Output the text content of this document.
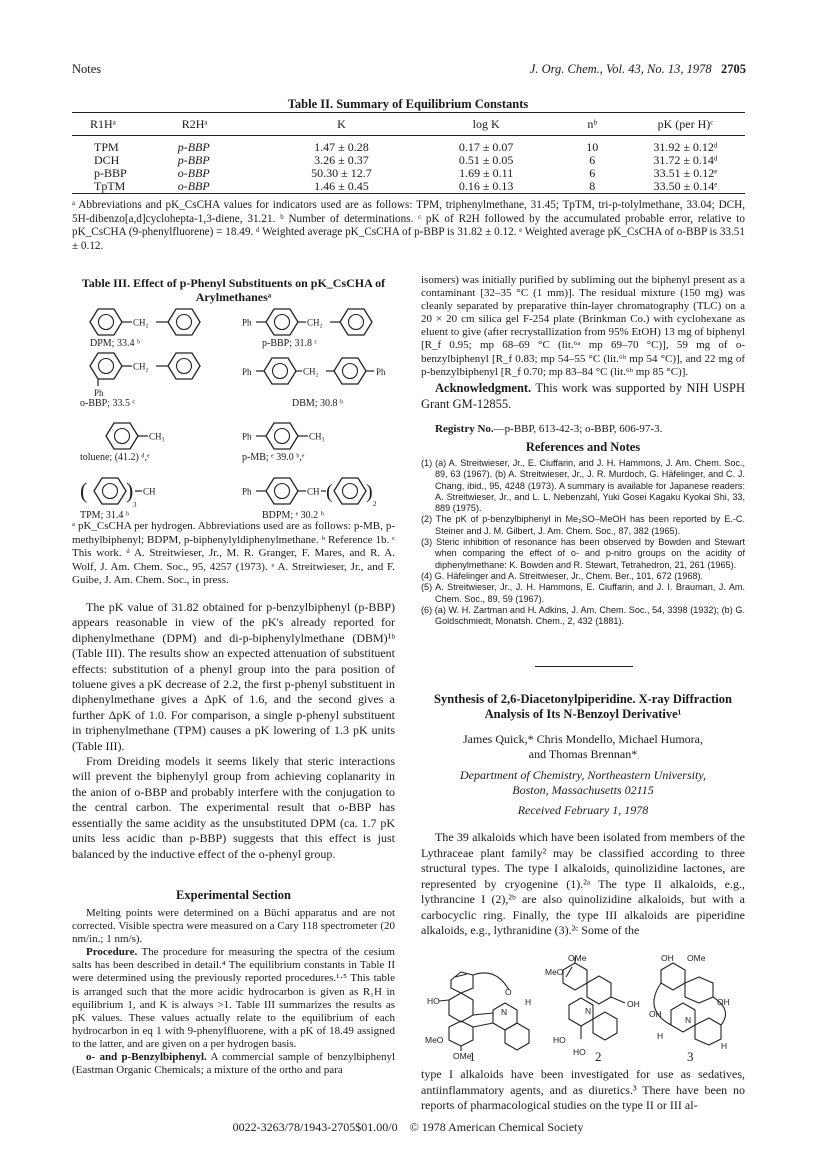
Notes	J. Org. Chem., Vol. 43, No. 13, 1978 2705
Table II. Summary of Equilibrium Constants
R1Hᵃ	R2Hᵃ	K	log K	nᵇ	pK (per H)ᶜ

TPM	p-BBP	1.47 ± 0.28	0.17 ± 0.07	10	31.92 ± 0.12ᵈ
DCH	p-BBP	3.26 ± 0.37	0.51 ± 0.05	6	31.72 ± 0.14ᵈ
p-BBP	o-BBP	50.30 ± 12.7	1.69 ± 0.11	6	33.51 ± 0.12ᵉ
TpTM	o-BBP	1.46 ± 0.45	0.16 ± 0.13	8	33.50 ± 0.14ᵉ
ᵃ Abbreviations and pK_CsCHA values for indicators used are as follows: TPM, triphenylmethane, 31.45; TpTM, tri-p-tolylmethane, 33.04; DCH, 5H-dibenzo[a,d]cyclohepta-1,3-diene, 31.21. ᵇ Number of determinations. ᶜ pK of R2H followed by the accumulated probable error, relative to pK_CsCHA (9-phenylfluorene) = 18.49. ᵈ Weighted average pK_CsCHA of p-BBP is 31.82 ± 0.12. ᵉ Weighted average pK_CsCHA of o-BBP is 33.51 ± 0.12.
Table III. Effect of p-Phenyl Substituents on pK_CsCHA of Arylmethanesᵃ
CH₂
DPM; 33.4 ᵇ
Ph	CH₂
p-BBP; 31.8 ᶜ
CH₂
Ph
o-BBP; 33.5 ᶜ
Ph	CH₂	Ph
DBM; 30.8 ᵇ
CH₃
toluene; (41.2) ᵈ,ᵉ
Ph	CH₃
p-MB; ᵉ 39.0 ᵇ,ᵉ
( )
3
CH
TPM; 31.4 ᵇ
Ph	CH ( )
2
BDPM; ᵉ 30.2 ᵇ
ᵃ pK_CsCHA per hydrogen. Abbreviations used are as follows: p-MB, p-methylbiphenyl; BDPM, p-biphenylyldiphenylmethane. ᵇ Reference 1b. ᶜ This work. ᵈ A. Streitwieser, Jr., M. R. Granger, F. Mares, and R. A. Wolf, J. Am. Chem. Soc., 95, 4257 (1973). ᵉ A. Streitwieser, Jr., and F. Guibe, J. Am. Chem. Soc., in press.

The pK value of 31.82 obtained for p-benzylbiphenyl (p-BBP) appears reasonable in view of the pK's already reported for diphenylmethane (DPM) and di-p-biphenylylmethane (DBM)¹ᵇ (Table III). The results show an expected attenuation of substituent effects: substitution of a phenyl group into the para position of toluene gives a pK decrease of 2.2, the first p-phenyl substituent in diphenylmethane gives a ΔpK of 1.6, and the second gives a further ΔpK of 1.0. For comparison, a single p-phenyl substituent in triphenylmethane (TPM) causes a pK lowering of 1.3 pK units (Table III).

From Dreiding models it seems likely that steric interactions will prevent the biphenylyl group from achieving coplanarity in the anion of o-BBP and probably interfere with the conjugation to the central carbon. The experimental result that o-BBP has essentially the same acidity as the unsubstituted DPM (ca. 1.7 pK units less acidic than p-BBP) suggests that this effect is just balanced by the inductive effect of the o-phenyl group.

Experimental Section

Melting points were determined on a Büchi apparatus and are not corrected. Visible spectra were measured on a Cary 118 spectrometer (20 nm/in.; 1 nm/s).

Procedure. The procedure for measuring the spectra of the cesium salts has been described in detail.⁴ The equilibrium constants in Table II were determined using the previously reported procedures.¹·⁵ This table is arranged such that the more acidic hydrocarbon is given as R₁H in equilibrium 1, and K is always >1. Table III summarizes the results as pK values. These values actually relate to the equilibrium of each hydrocarbon in eq 1 with 9-phenylfluorene, with a pK of 18.49 assigned to the latter, and are given on a per hydrogen basis.

o- and p-Benzylbiphenyl. A commercial sample of benzylbiphenyl (Eastman Organic Chemicals; a mixture of the ortho and para

isomers) was initially purified by subliming out the biphenyl present as a contaminant [32–35 °C (1 mm)]. The residual mixture (150 mg) was cleanly separated by preparative thin-layer chromatography (TLC) on a 20 × 20 cm silica gel F-254 plate (Brinkman Co.) with cyclohexane as eluent to give (after recrystallization from 95% EtOH) 13 mg of biphenyl [R_f 0.95; mp 68–69 °C (lit.⁶ᵃ mp 69–70 °C)], 59 mg of o-benzylbiphenyl [R_f 0.83; mp 54–55 °C (lit.⁶ᵇ mp 54 °C)], and 22 mg of p-benzylbiphenyl [R_f 0.70; mp 83–84 °C (lit.⁶ᵇ mp 85 °C)].

Acknowledgment. This work was supported by NIH USPH Grant GM-12855.

Registry No.—p-BBP, 613-42-3; o-BBP, 606-97-3.

References and Notes
(1) (a) A. Streitwieser, Jr., E. Ciuffarin, and J. H. Hammons, J. Am. Chem. Soc., 89, 63 (1967). (b) A. Streitwieser, Jr., J. R. Murdoch, G. Häfelinger, and C. J. Chang, ibid., 95, 4248 (1973). A summary is available for Japanese readers: A. Streitwieser, Jr., and L. L. Nebenzahl, Yuki Gosei Kagaku Kyokai Shi, 33, 889 (1975).
(2) The pK of p-benzylbiphenyl in Me₂SO–MeOH has been reported by E.-C. Steiner and J. M. Gilbert, J. Am. Chem. Soc., 87, 382 (1965).
(3) Steric inhibition of resonance has been observed by Bowden and Stewart when comparing the effect of o- and p-nitro groups on the acidity of diphenylmethane: K. Bowden and R. Stewart, Tetrahedron, 21, 261 (1965).
(4) G. Häfelinger and A. Streitwieser, Jr., Chem. Ber., 101, 672 (1968).
(5) A. Streitwieser, Jr., J. H. Hammons, E. Ciuffarin, and J. I. Brauman, J. Am. Chem. Soc., 89, 59 (1967).
(6) (a) W. H. Zartman and H. Adkins, J. Am. Chem. Soc., 54, 3398 (1932); (b) G. Goldschmiedt, Monatsh. Chem., 2, 432 (1881).
Synthesis of 2,6-Diacetonylpiperidine. X-ray Diffraction Analysis of Its N-Benzoyl Derivative¹
James Quick,* Chris Mondello, Michael Humora, and Thomas Brennan*
Department of Chemistry, Northeastern University, Boston, Massachusetts 02115
Received February 1, 1978

The 39 alkaloids which have been isolated from members of the Lythraceae plant family² may be classified according to three structural types. The type I alkaloids, quinolizidine lactones, are represented by cryogenine (1).²ᵃ The type II alkaloids, e.g., lythrancine I (2),²ᵇ are also quinolizidine alkaloids, but with a carbocyclic ring. Finally, the type III alkaloids are piperidine alkaloids, e.g., lythranidine (3).²ᶜ Some of the

HO
MeO
OMe
O
H
N
OMe
MeO
OH
N
HO
HO
OH OMe
OH
OH
N
H
H
1	2	3

type I alkaloids have been investigated for use as sedatives, antiinflammatory agents, and as diuretics.³ There have been no reports of pharmacological studies on the type II or III al-

0022-3263/78/1943-2705$01.00/0 © 1978 American Chemical Society
